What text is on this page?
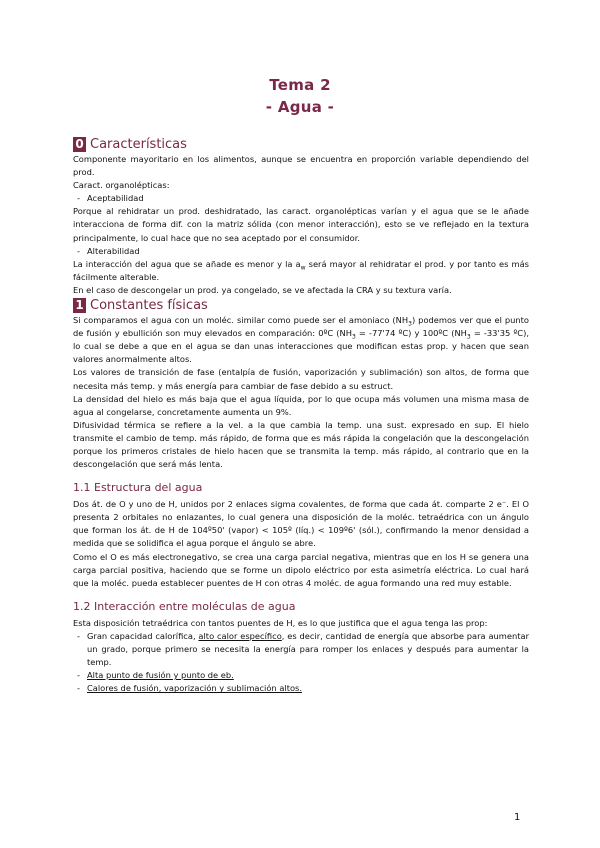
Tema 2
- Agua -
0 Características

Componente mayoritario en los alimentos, aunque se encuentra en proporción variable dependiendo del prod.

Caract. organolépticas:

- Aceptabilidad

Porque al rehidratar un prod. deshidratado, las caract. organolépticas varían y el agua que se le añade interacciona de forma dif. con la matriz sólida (con menor interacción), esto se ve reflejado en la textura principalmente, lo cual hace que no sea aceptado por el consumidor.

- Alterabilidad

La interacción del agua que se añade es menor y la $a_w$ será mayor al rehidratar el prod. y por tanto es más fácilmente alterable.

En el caso de descongelar un prod. ya congelado, se ve afectada la CRA y su textura varía.

1 Constantes físicas

Si comparamos el agua con un moléc. similar como puede ser el amoniaco $(NH_3)$ podemos ver que el punto de fusión y ebullición son muy elevados en comparación: 0ºC ($NH_3 = -77'74$ ºC) y 100ºC ($NH_3 = -33'35$ ºC), lo cual se debe a que en el agua se dan unas interacciones que modifican estas prop. y hacen que sean valores anormalmente altos.

Los valores de transición de fase (entalpía de fusión, vaporización y sublimación) son altos, de forma que necesita más temp. y más energía para cambiar de fase debido a su estruct.

La densidad del hielo es más baja que el agua líquida, por lo que ocupa más volumen una misma masa de agua al congelarse, concretamente aumenta un 9%.

Difusividad térmica se refiere a la vel. a la que cambia la temp. una sust. expresado en sup. El hielo transmite el cambio de temp. más rápido, de forma que es más rápida la congelación que la descongelación porque los primeros cristales de hielo hacen que se transmita la temp. más rápido, al contrario que en la descongelación que será más lenta.

1.1 Estructura del agua

Dos át. de O y uno de H, unidos por 2 enlaces sigma covalentes, de forma que cada át. comparte 2 e⁻. El O presenta 2 orbitales no enlazantes, lo cual genera una disposición de la moléc. tetraédrica con un ángulo que forman los át. de H de 104º50' (vapor) < 105º (líq.) < 109º6' (sól.), confirmando la menor densidad a medida que se solidifica el agua porque el ángulo se abre.

Como el O es más electronegativo, se crea una carga parcial negativa, mientras que en los H se genera una carga parcial positiva, haciendo que se forme un dipolo eléctrico por esta asimetría eléctrica. Lo cual hará que la moléc. pueda establecer puentes de H con otras 4 moléc. de agua formando una red muy estable.

1.2 Interacción entre moléculas de agua

Esta disposición tetraédrica con tantos puentes de H, es lo que justifica que el agua tenga las prop:

- Gran capacidad calorífica, alto calor específico, es decir, cantidad de energía que absorbe para aumentar un grado, porque primero se necesita la energía para romper los enlaces y después para aumentar la temp.
- Alta punto de fusión y punto de eb.
- Calores de fusión, vaporización y sublimación altos.
1
